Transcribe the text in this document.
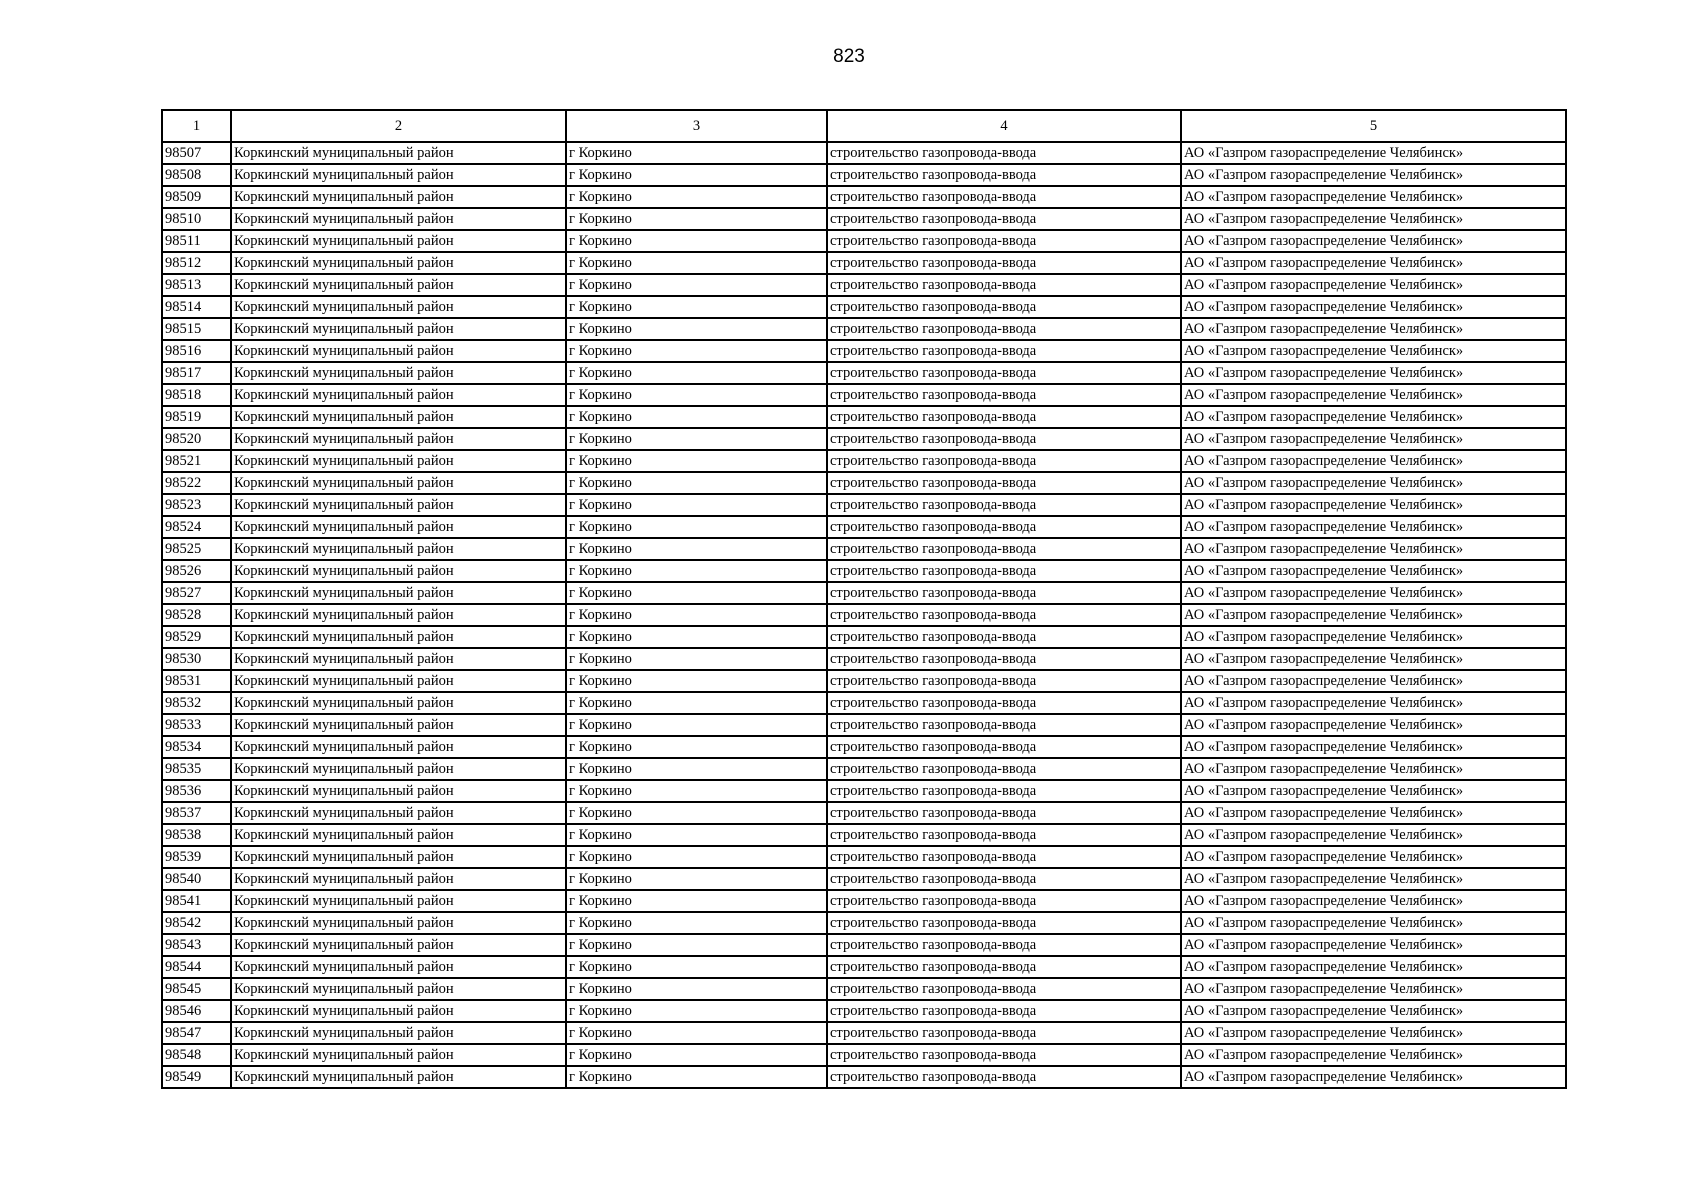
823
1	2	3	4	5
98507	Коркинский муниципальный район	г Коркино	строительство газопровода-ввода	АО «Газпром газораспределение Челябинск»
98508	Коркинский муниципальный район	г Коркино	строительство газопровода-ввода	АО «Газпром газораспределение Челябинск»
98509	Коркинский муниципальный район	г Коркино	строительство газопровода-ввода	АО «Газпром газораспределение Челябинск»
98510	Коркинский муниципальный район	г Коркино	строительство газопровода-ввода	АО «Газпром газораспределение Челябинск»
98511	Коркинский муниципальный район	г Коркино	строительство газопровода-ввода	АО «Газпром газораспределение Челябинск»
98512	Коркинский муниципальный район	г Коркино	строительство газопровода-ввода	АО «Газпром газораспределение Челябинск»
98513	Коркинский муниципальный район	г Коркино	строительство газопровода-ввода	АО «Газпром газораспределение Челябинск»
98514	Коркинский муниципальный район	г Коркино	строительство газопровода-ввода	АО «Газпром газораспределение Челябинск»
98515	Коркинский муниципальный район	г Коркино	строительство газопровода-ввода	АО «Газпром газораспределение Челябинск»
98516	Коркинский муниципальный район	г Коркино	строительство газопровода-ввода	АО «Газпром газораспределение Челябинск»
98517	Коркинский муниципальный район	г Коркино	строительство газопровода-ввода	АО «Газпром газораспределение Челябинск»
98518	Коркинский муниципальный район	г Коркино	строительство газопровода-ввода	АО «Газпром газораспределение Челябинск»
98519	Коркинский муниципальный район	г Коркино	строительство газопровода-ввода	АО «Газпром газораспределение Челябинск»
98520	Коркинский муниципальный район	г Коркино	строительство газопровода-ввода	АО «Газпром газораспределение Челябинск»
98521	Коркинский муниципальный район	г Коркино	строительство газопровода-ввода	АО «Газпром газораспределение Челябинск»
98522	Коркинский муниципальный район	г Коркино	строительство газопровода-ввода	АО «Газпром газораспределение Челябинск»
98523	Коркинский муниципальный район	г Коркино	строительство газопровода-ввода	АО «Газпром газораспределение Челябинск»
98524	Коркинский муниципальный район	г Коркино	строительство газопровода-ввода	АО «Газпром газораспределение Челябинск»
98525	Коркинский муниципальный район	г Коркино	строительство газопровода-ввода	АО «Газпром газораспределение Челябинск»
98526	Коркинский муниципальный район	г Коркино	строительство газопровода-ввода	АО «Газпром газораспределение Челябинск»
98527	Коркинский муниципальный район	г Коркино	строительство газопровода-ввода	АО «Газпром газораспределение Челябинск»
98528	Коркинский муниципальный район	г Коркино	строительство газопровода-ввода	АО «Газпром газораспределение Челябинск»
98529	Коркинский муниципальный район	г Коркино	строительство газопровода-ввода	АО «Газпром газораспределение Челябинск»
98530	Коркинский муниципальный район	г Коркино	строительство газопровода-ввода	АО «Газпром газораспределение Челябинск»
98531	Коркинский муниципальный район	г Коркино	строительство газопровода-ввода	АО «Газпром газораспределение Челябинск»
98532	Коркинский муниципальный район	г Коркино	строительство газопровода-ввода	АО «Газпром газораспределение Челябинск»
98533	Коркинский муниципальный район	г Коркино	строительство газопровода-ввода	АО «Газпром газораспределение Челябинск»
98534	Коркинский муниципальный район	г Коркино	строительство газопровода-ввода	АО «Газпром газораспределение Челябинск»
98535	Коркинский муниципальный район	г Коркино	строительство газопровода-ввода	АО «Газпром газораспределение Челябинск»
98536	Коркинский муниципальный район	г Коркино	строительство газопровода-ввода	АО «Газпром газораспределение Челябинск»
98537	Коркинский муниципальный район	г Коркино	строительство газопровода-ввода	АО «Газпром газораспределение Челябинск»
98538	Коркинский муниципальный район	г Коркино	строительство газопровода-ввода	АО «Газпром газораспределение Челябинск»
98539	Коркинский муниципальный район	г Коркино	строительство газопровода-ввода	АО «Газпром газораспределение Челябинск»
98540	Коркинский муниципальный район	г Коркино	строительство газопровода-ввода	АО «Газпром газораспределение Челябинск»
98541	Коркинский муниципальный район	г Коркино	строительство газопровода-ввода	АО «Газпром газораспределение Челябинск»
98542	Коркинский муниципальный район	г Коркино	строительство газопровода-ввода	АО «Газпром газораспределение Челябинск»
98543	Коркинский муниципальный район	г Коркино	строительство газопровода-ввода	АО «Газпром газораспределение Челябинск»
98544	Коркинский муниципальный район	г Коркино	строительство газопровода-ввода	АО «Газпром газораспределение Челябинск»
98545	Коркинский муниципальный район	г Коркино	строительство газопровода-ввода	АО «Газпром газораспределение Челябинск»
98546	Коркинский муниципальный район	г Коркино	строительство газопровода-ввода	АО «Газпром газораспределение Челябинск»
98547	Коркинский муниципальный район	г Коркино	строительство газопровода-ввода	АО «Газпром газораспределение Челябинск»
98548	Коркинский муниципальный район	г Коркино	строительство газопровода-ввода	АО «Газпром газораспределение Челябинск»
98549	Коркинский муниципальный район	г Коркино	строительство газопровода-ввода	АО «Газпром газораспределение Челябинск»
